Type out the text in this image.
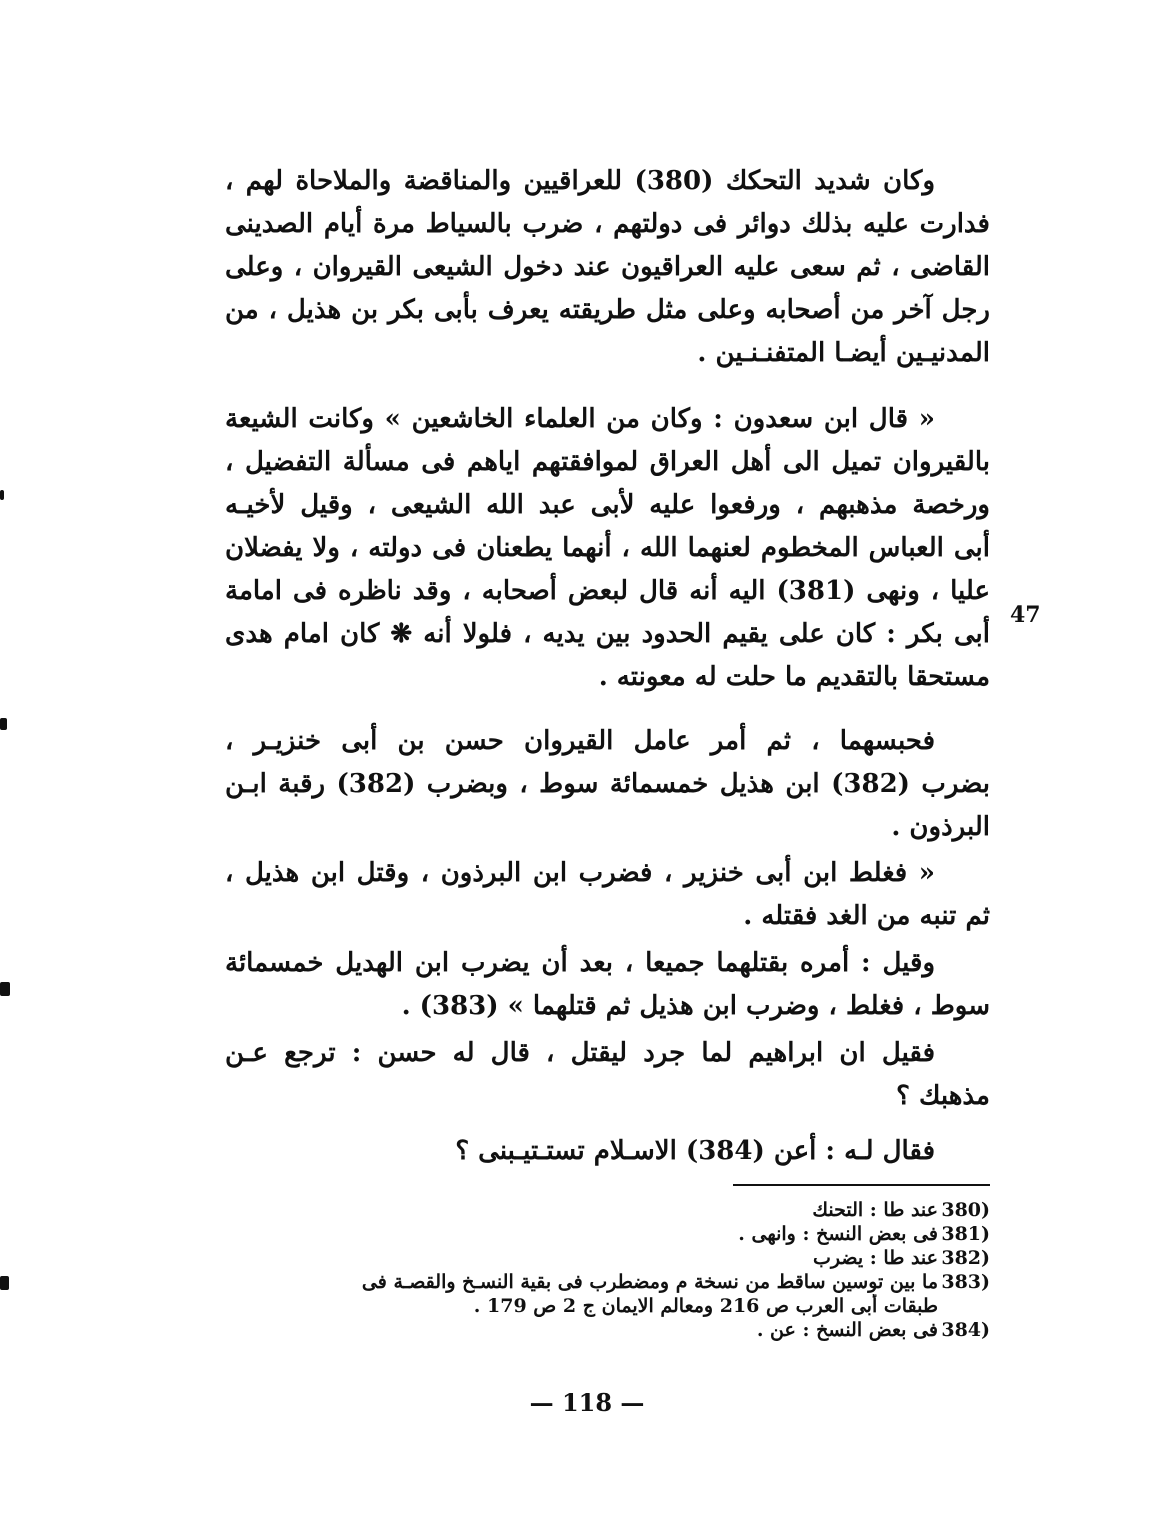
وكان شديد التحكك (380) للعراقيين والمناقضة والملاحاة لهم ،
فدارت عليه بذلك دوائر فى دولتهم ، ضرب بالسياط مرة أيام الصدينى
القاضى ، ثم سعى عليه العراقيون عند دخول الشيعى القيروان ، وعلى
رجل آخر من أصحابه وعلى مثل طريقته يعرف بأبى بكر بن هذيل ، من
المدنيـين أيضـا المتفنـنـين .
« قال ابن سعدون : وكان من العلماء الخاشعين » وكانت الشيعة
بالقيروان تميل الى أهل العراق لموافقتهم اياهم فى مسألة التفضيل ،
ورخصة مذهبهم ، ورفعوا عليه لأبى عبد الله الشيعى ، وقيل لأخيـه
أبى العباس المخطوم لعنهما الله ، أنهما يطعنان فى دولته ، ولا يفضلان
عليا ، ونهى (381) اليه أنه قال لبعض أصحابه ، وقد ناظره فى امامة
أبى بكر : كان على يقيم الحدود بين يديه ، فلولا أنه ❋ كان امام هدى
مستحقا بالتقديم ما حلت له معونته .
47
فحبسهما ، ثم أمر عامل القيروان حسن بن أبى خنزيـر ،
بضرب (382) ابن هذيل خمسمائة سوط ، وبضرب (382) رقبة ابـن
البرذون .
« فغلط ابن أبى خنزير ، فضرب ابن البرذون ، وقتل ابن هذيل ،
ثم تنبه من الغد فقتله .
وقيل : أمره بقتلهما جميعا ، بعد أن يضرب ابن الهديل خمسمائة
سوط ، فغلط ، وضرب ابن هذيل ثم قتلهما » (383) .
فقيل ان ابراهيم لما جرد ليقتل ، قال له حسن : ترجع عـن
مذهبك ؟
فقال لـه : أعن (384) الاسـلام تستـتيـبنى ؟
380)
عند طا : التحنك
381)
فى بعض النسخ : وانهى .
382)
عند طا : يضرب
383)
ما بين توسين ساقط من نسخة م ومضطرب فى بقية النسـخ والقصـة فى
طبقات أبى العرب ص 216 ومعالم الايمان ج 2 ص 179 .
384)
فى بعض النسخ : عن .
— 118 —
